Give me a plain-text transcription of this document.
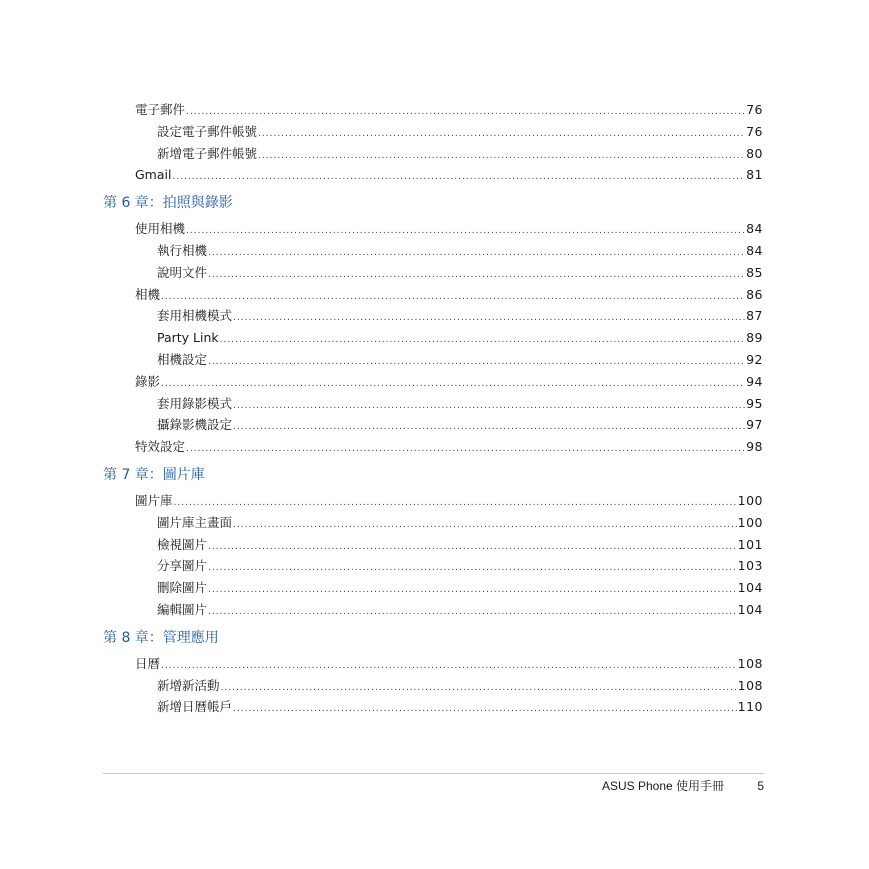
電子郵件 .....	76
設定電子郵件帳號 .....	76
新增電子郵件帳號 .....	80
Gmail .....	81
第 6 章：拍照與錄影
使用相機 .....	84
執行相機 .....	84
說明文件 .....	85
相機 .....	86
套用相機模式 .....	87
Party Link .....	89
相機設定 .....	92
錄影 .....	94
套用錄影模式 .....	95
攝錄影機設定 .....	97
特效設定 .....	98
第 7 章：圖片庫
圖片庫 .....	100
圖片庫主畫面 .....	100
檢視圖片 .....	101
分享圖片 .....	103
刪除圖片 .....	104
編輯圖片 .....	104
第 8 章：管理應用
日曆 .....	108
新增新活動 .....	108
新增日曆帳戶 .....	110
ASUS Phone 使用手冊	5
